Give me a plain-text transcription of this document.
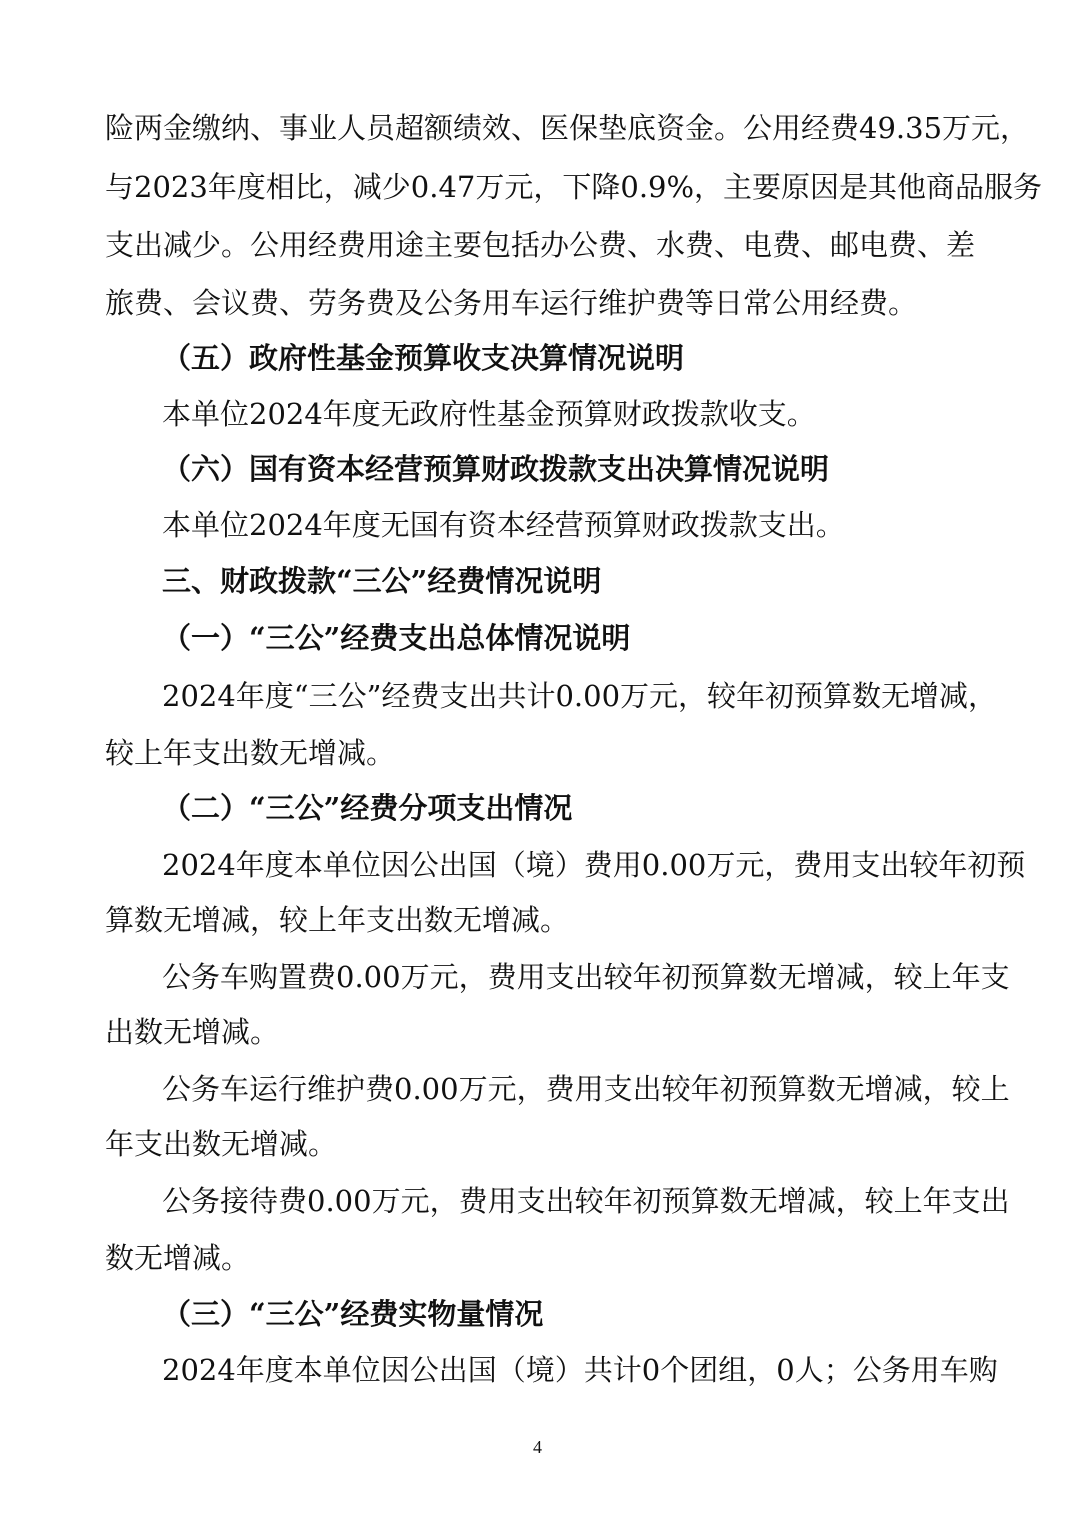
险两金缴纳、事业人员超额绩效、医保垫底资金。公用经费49.35万元，
与2023年度相比，减少0.47万元，下降0.9%，主要原因是其他商品服务
支出减少。公用经费用途主要包括办公费、水费、电费、邮电费、差
旅费、会议费、劳务费及公务用车运行维护费等日常公用经费。
（五）政府性基金预算收支决算情况说明
本单位2024年度无政府性基金预算财政拨款收支。
（六）国有资本经营预算财政拨款支出决算情况说明
本单位2024年度无国有资本经营预算财政拨款支出。
三、财政拨款“三公”经费情况说明
（一）“三公”经费支出总体情况说明
2024年度“三公”经费支出共计0.00万元，较年初预算数无增减，
较上年支出数无增减。
（二）“三公”经费分项支出情况
2024年度本单位因公出国（境）费用0.00万元，费用支出较年初预
算数无增减，较上年支出数无增减。
公务车购置费0.00万元，费用支出较年初预算数无增减，较上年支
出数无增减。
公务车运行维护费0.00万元，费用支出较年初预算数无增减，较上
年支出数无增减。
公务接待费0.00万元，费用支出较年初预算数无增减，较上年支出
数无增减。
（三）“三公”经费实物量情况
2024年度本单位因公出国（境）共计0个团组，0人；公务用车购
4
